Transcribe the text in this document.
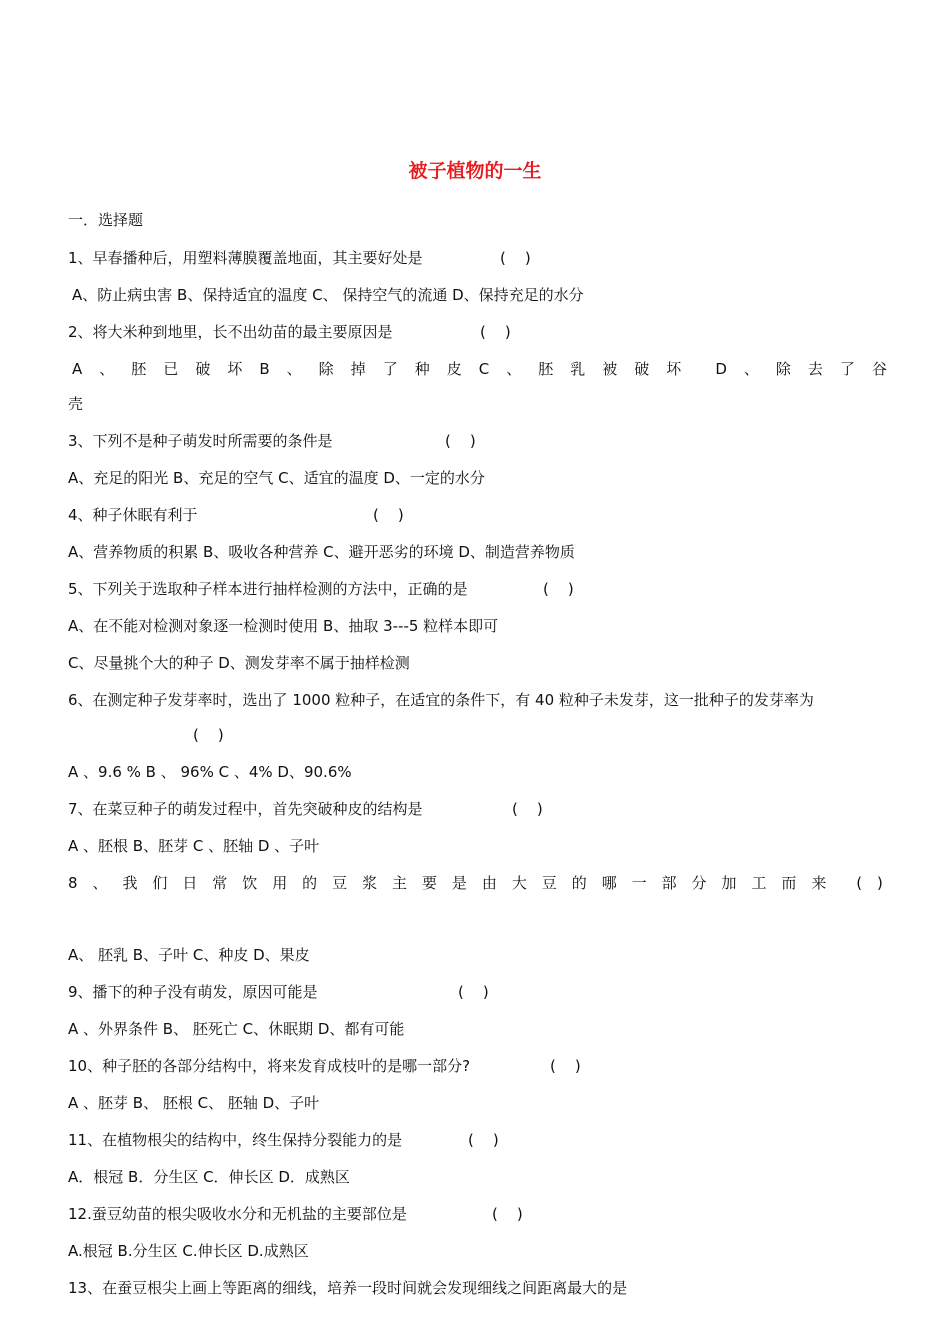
被子植物的一生
一．选择题
1、早春播种后，用塑料薄膜覆盖地面，其主要好处是	(    )
A、防止病虫害 B、保持适宜的温度 C、 保持空气的流通 D、保持充足的水分
2、将大米种到地里，长不出幼苗的最主要原因是	(    )
A 、 胚 已 破 坏 B 、 除 掉 了 种 皮 C 、 胚 乳 被 破 坏 D 、 除 去 了 谷
壳
3、下列不是种子萌发时所需要的条件是	(    )
A、充足的阳光 B、充足的空气 C、适宜的温度 D、一定的水分
4、种子休眠有利于	(    )
A、营养物质的积累 B、吸收各种营养 C、避开恶劣的环境 D、制造营养物质
5、下列关于选取种子样本进行抽样检测的方法中，正确的是	(    )
A、在不能对检测对象逐一检测时使用 B、抽取 3---5 粒样本即可
C、尽量挑个大的种子 D、测发芽率不属于抽样检测
6、在测定种子发芽率时，选出了 1000 粒种子，在适宜的条件下，有 40 粒种子未发芽，这一批种子的发芽率为
(    )
A 、9.6 % B 、 96% C 、4% D、90.6%
7、在菜豆种子的萌发过程中，首先突破种皮的结构是	(    )
A 、胚根 B、胚芽 C 、胚轴 D 、子叶
8 、 我 们 日 常 饮 用 的 豆 浆 主 要 是 由 大 豆 的 哪 一 部 分 加 工 而 来 ( )
A、 胚乳 B、子叶 C、种皮 D、果皮
9、播下的种子没有萌发，原因可能是	(    )
A 、外界条件 B、 胚死亡 C、休眠期 D、都有可能
10、种子胚的各部分结构中，将来发育成枝叶的是哪一部分?	(    )
A 、胚芽 B、 胚根 C、 胚轴 D、子叶
11、在植物根尖的结构中，终生保持分裂能力的是	(    )
A．根冠 B．分生区 C．伸长区 D．成熟区
12.蚕豆幼苗的根尖吸收水分和无机盐的主要部位是	(    )
A.根冠 B.分生区 C.伸长区 D.成熟区
13、在蚕豆根尖上画上等距离的细线，培养一段时间就会发现细线之间距离最大的是
